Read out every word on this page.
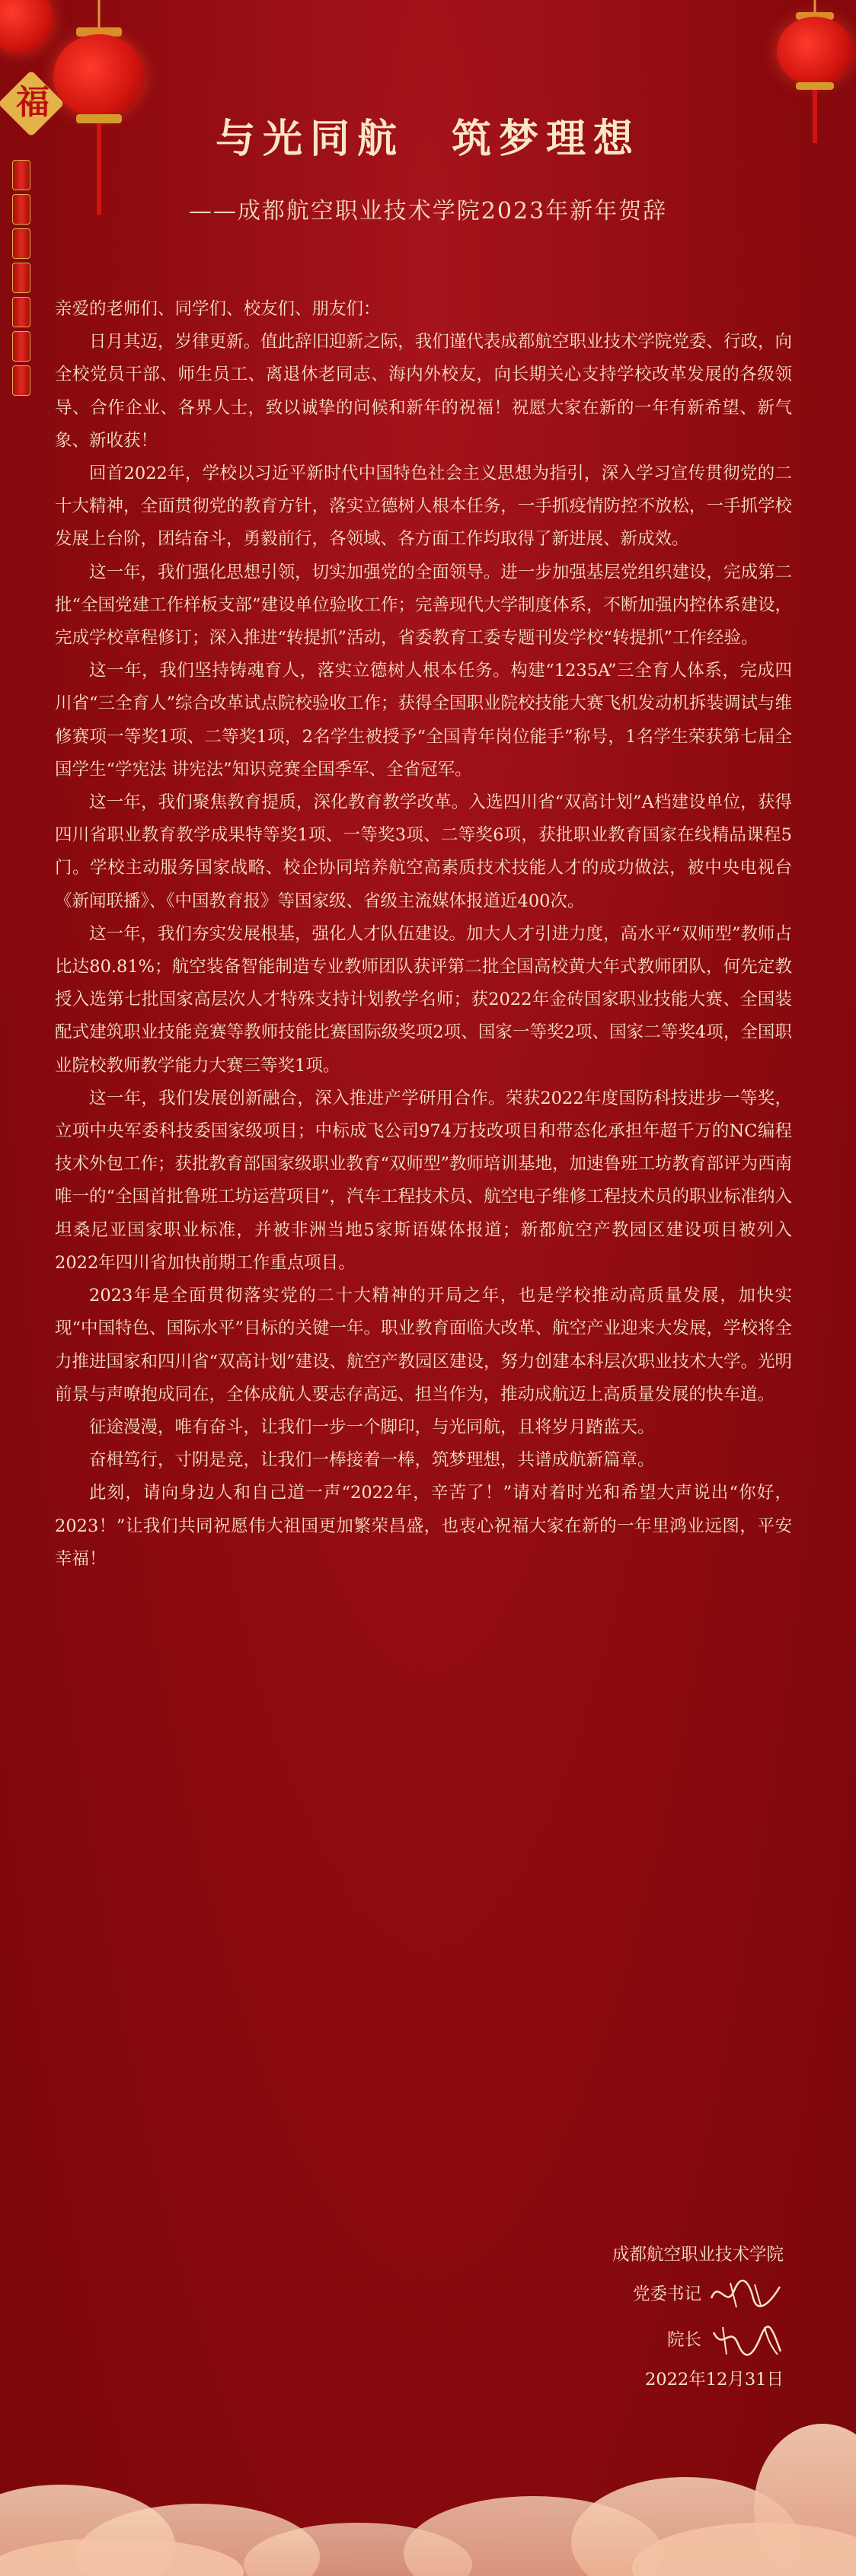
福
与光同航　筑梦理想
——成都航空职业技术学院2023年新年贺辞

亲爱的老师们、同学们、校友们、朋友们：

日月其迈，岁律更新。值此辞旧迎新之际，我们谨代表成都航空职业技术学院党委、行政，向全校党员干部、师生员工、离退休老同志、海内外校友，向长期关心支持学校改革发展的各级领导、合作企业、各界人士，致以诚挚的问候和新年的祝福！祝愿大家在新的一年有新希望、新气象、新收获！

回首2022年，学校以习近平新时代中国特色社会主义思想为指引，深入学习宣传贯彻党的二十大精神，全面贯彻党的教育方针，落实立德树人根本任务，一手抓疫情防控不放松，一手抓学校发展上台阶，团结奋斗，勇毅前行，各领域、各方面工作均取得了新进展、新成效。

这一年，我们强化思想引领，切实加强党的全面领导。进一步加强基层党组织建设，完成第二批“全国党建工作样板支部”建设单位验收工作；完善现代大学制度体系，不断加强内控体系建设，完成学校章程修订；深入推进“转提抓”活动，省委教育工委专题刊发学校“转提抓”工作经验。

这一年，我们坚持铸魂育人，落实立德树人根本任务。构建“1235A”三全育人体系，完成四川省“三全育人”综合改革试点院校验收工作；获得全国职业院校技能大赛飞机发动机拆装调试与维修赛项一等奖1项、二等奖1项，2名学生被授予“全国青年岗位能手”称号，1名学生荣获第七届全国学生“学宪法 讲宪法”知识竞赛全国季军、全省冠军。

这一年，我们聚焦教育提质，深化教育教学改革。入选四川省“双高计划”A档建设单位，获得四川省职业教育教学成果特等奖1项、一等奖3项、二等奖6项，获批职业教育国家在线精品课程5门。学校主动服务国家战略、校企协同培养航空高素质技术技能人才的成功做法，被中央电视台《新闻联播》、《中国教育报》等国家级、省级主流媒体报道近400次。

这一年，我们夯实发展根基，强化人才队伍建设。加大人才引进力度，高水平“双师型”教师占比达80.81%；航空装备智能制造专业教师团队获评第二批全国高校黄大年式教师团队，何先定教授入选第七批国家高层次人才特殊支持计划教学名师；获2022年金砖国家职业技能大赛、全国装配式建筑职业技能竞赛等教师技能比赛国际级奖项2项、国家一等奖2项、国家二等奖4项，全国职业院校教师教学能力大赛三等奖1项。

这一年，我们发展创新融合，深入推进产学研用合作。荣获2022年度国防科技进步一等奖，立项中央军委科技委国家级项目；中标成飞公司974万技改项目和带态化承担年超千万的NC编程技术外包工作；获批教育部国家级职业教育“双师型”教师培训基地，加速鲁班工坊教育部评为西南唯一的“全国首批鲁班工坊运营项目”，汽车工程技术员、航空电子维修工程技术员的职业标准纳入坦桑尼亚国家职业标准，并被非洲当地5家斯语媒体报道；新都航空产教园区建设项目被列入2022年四川省加快前期工作重点项目。

2023年是全面贯彻落实党的二十大精神的开局之年，也是学校推动高质量发展，加快实现“中国特色、国际水平”目标的关键一年。职业教育面临大改革、航空产业迎来大发展，学校将全力推进国家和四川省“双高计划”建设、航空产教园区建设，努力创建本科层次职业技术大学。光明前景与声嘹抱成同在，全体成航人要志存高远、担当作为，推动成航迈上高质量发展的快车道。

征途漫漫，唯有奋斗，让我们一步一个脚印，与光同航，且将岁月踏蓝天。

奋楫笃行，寸阴是竞，让我们一棒接着一棒，筑梦理想，共谱成航新篇章。

此刻，请向身边人和自己道一声“2022年，辛苦了！”请对着时光和希望大声说出“你好，2023！”让我们共同祝愿伟大祖国更加繁荣昌盛，也衷心祝福大家在新的一年里鸿业远图，平安幸福！

成都航空职业技术学院
党委书记
院长
2022年12月31日
